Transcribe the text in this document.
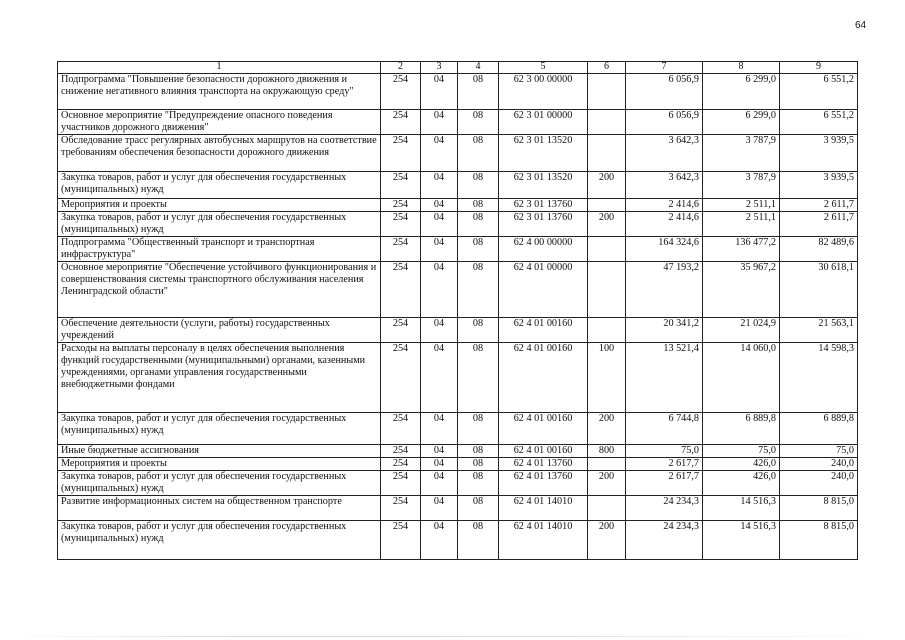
64
1	2	3	4	5	6	7	8	9
Подпрограмма "Повышение безопасности дорожного движения и снижение негативного влияния транспорта на окружающую среду"	254	04	08	62 3 00 00000		6 056,9	6 299,0	6 551,2
Основное мероприятие "Предупреждение опасного поведения участников дорожного движения"	254	04	08	62 3 01 00000		6 056,9	6 299,0	6 551,2
Обследование трасс регулярных автобусных маршрутов на соответствие требованиям обеспечения безопасности дорожного движения	254	04	08	62 3 01 13520		3 642,3	3 787,9	3 939,5
Закупка товаров, работ и услуг для обеспечения государственных (муниципальных) нужд	254	04	08	62 3 01 13520	200	3 642,3	3 787,9	3 939,5
Мероприятия и проекты	254	04	08	62 3 01 13760		2 414,6	2 511,1	2 611,7
Закупка товаров, работ и услуг для обеспечения государственных (муниципальных) нужд	254	04	08	62 3 01 13760	200	2 414,6	2 511,1	2 611,7
Подпрограмма "Общественный транспорт и транспортная инфраструктура"	254	04	08	62 4 00 00000		164 324,6	136 477,2	82 489,6
Основное мероприятие "Обеспечение устойчивого функционирования и совершенствования системы транспортного обслуживания населения Ленинградской области"	254	04	08	62 4 01 00000		47 193,2	35 967,2	30 618,1
Обеспечение деятельности (услуги, работы) государственных учреждений	254	04	08	62 4 01 00160		20 341,2	21 024,9	21 563,1
Расходы на выплаты персоналу в целях обеспечения выполнения функций государственными (муниципальными) органами, казенными учреждениями, органами управления государственными внебюджетными фондами	254	04	08	62 4 01 00160	100	13 521,4	14 060,0	14 598,3
Закупка товаров, работ и услуг для обеспечения государственных (муниципальных) нужд	254	04	08	62 4 01 00160	200	6 744,8	6 889,8	6 889,8
Иные бюджетные ассигнования	254	04	08	62 4 01 00160	800	75,0	75,0	75,0
Мероприятия и проекты	254	04	08	62 4 01 13760		2 617,7	426,0	240,0
Закупка товаров, работ и услуг для обеспечения государственных (муниципальных) нужд	254	04	08	62 4 01 13760	200	2 617,7	426,0	240,0
Развитие информационных систем на общественном транспорте	254	04	08	62 4 01 14010		24 234,3	14 516,3	8 815,0
Закупка товаров, работ и услуг для обеспечения государственных (муниципальных) нужд	254	04	08	62 4 01 14010	200	24 234,3	14 516,3	8 815,0
